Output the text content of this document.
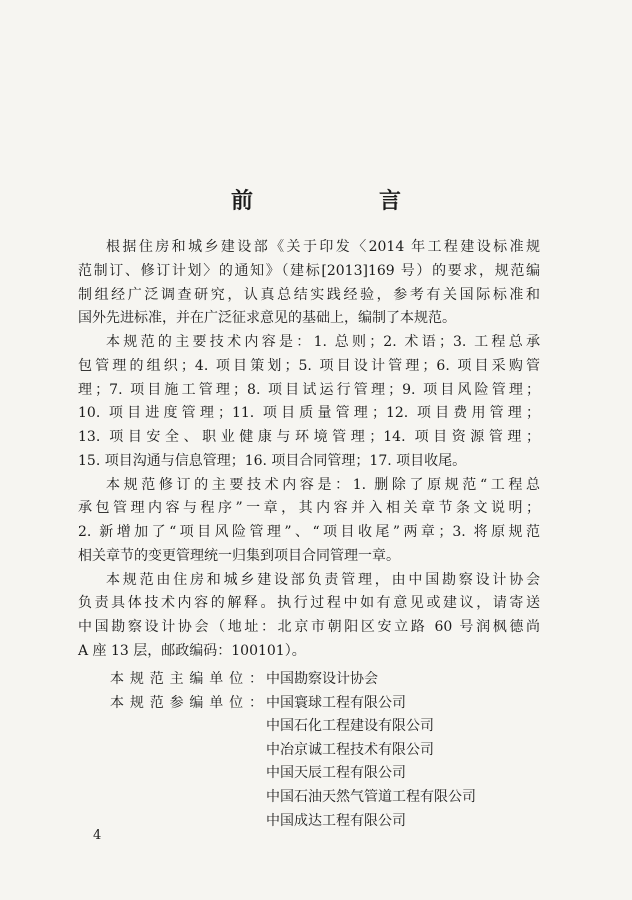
前　言
根据住房和城乡建设部《关于印发〈2014 年工程建设标准规
范制订、修订计划〉的通知》（建标[2013]169 号）的要求，规范编
制组经广泛调查研究，认真总结实践经验，参考有关国际标准和
国外先进标准，并在广泛征求意见的基础上，编制了本规范。
本规范的主要技术内容是：1. 总则；2. 术语；3. 工程总承
包管理的组织；4. 项目策划；5. 项目设计管理；6. 项目采购管
理；7. 项目施工管理；8. 项目试运行管理；9. 项目风险管理；
10. 项目进度管理；11. 项目质量管理；12. 项目费用管理；
13. 项目安全、职业健康与环境管理；14. 项目资源管理；
15. 项目沟通与信息管理；16. 项目合同管理；17. 项目收尾。
本规范修订的主要技术内容是：1. 删除了原规范“工程总
承包管理内容与程序”一章，其内容并入相关章节条文说明；
2. 新增加了“项目风险管理”、“项目收尾”两章；3. 将原规范
相关章节的变更管理统一归集到项目合同管理一章。
本规范由住房和城乡建设部负责管理，由中国勘察设计协会
负责具体技术内容的解释。执行过程中如有意见或建议，请寄送
中国勘察设计协会（地址：北京市朝阳区安立路 60 号润枫德尚
A 座 13 层，邮政编码：100101）。
本规范主编单位： 中国勘察设计协会
本规范参编单位： 中国寰球工程有限公司
中国石化工程建设有限公司
中冶京诚工程技术有限公司
中国天辰工程有限公司
中国石油天然气管道工程有限公司
中国成达工程有限公司
4
